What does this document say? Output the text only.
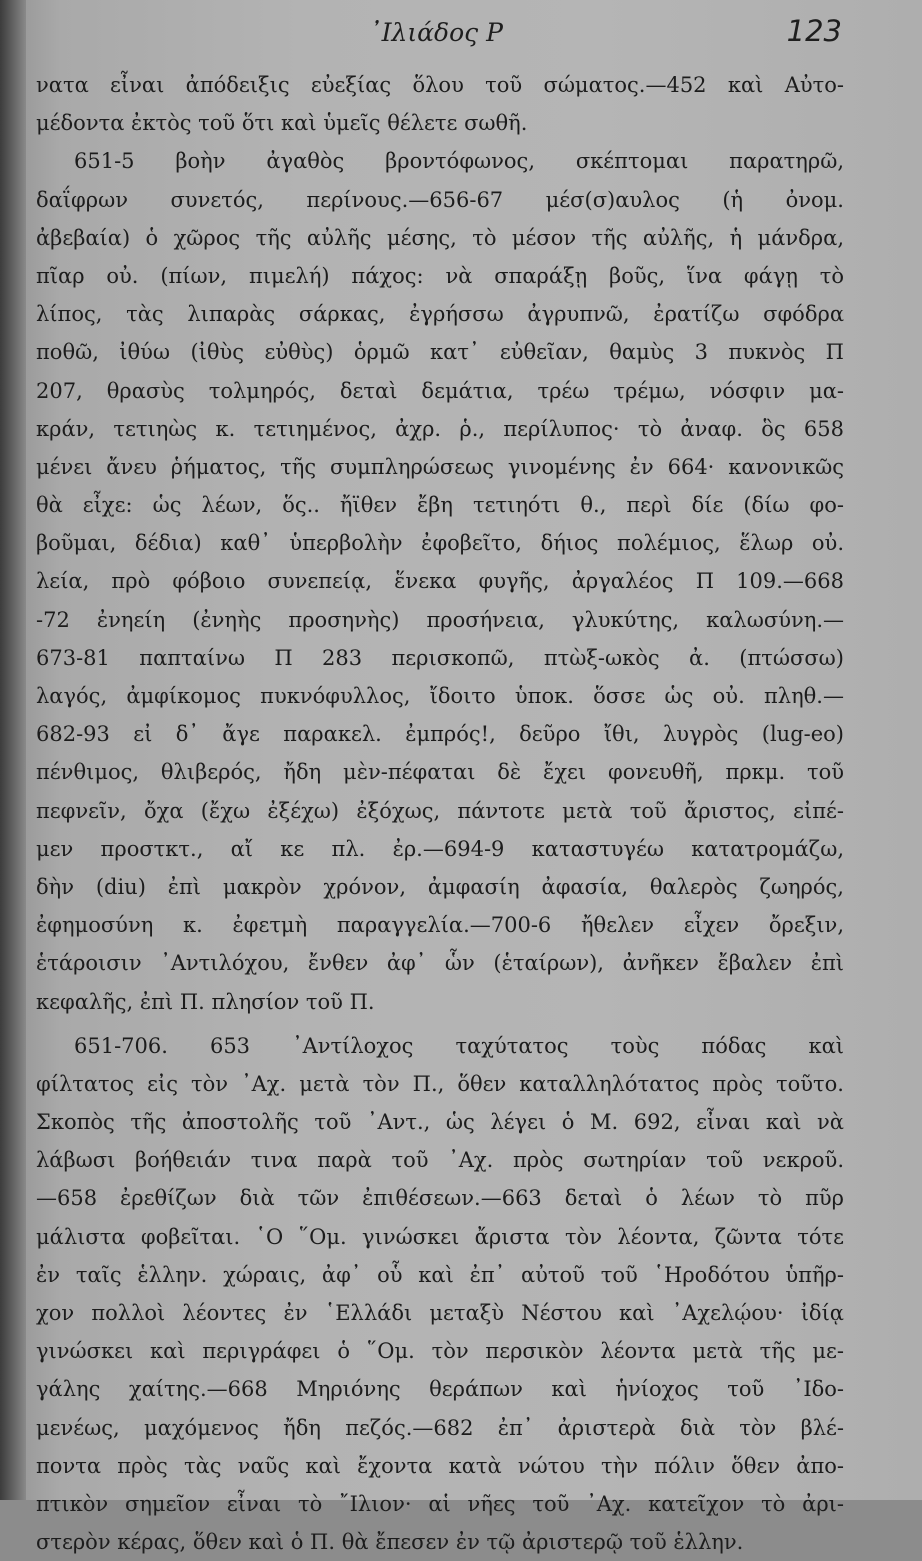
᾿Ιλιάδος Ρ	123
νατα εἶναι ἀπόδειξις εὐεξίας ὅλου τοῦ σώματος.—452 καὶ Αὐτο-
μέδοντα ἐκτὸς τοῦ ὅτι καὶ ὑμεῖς θέλετε σωθῆ.
651-5 βοὴν ἀγαθὸς βροντόφωνος, σκέπτομαι παρατηρῶ,
δαΐφρων συνετός, περίνους.—656-67 μέσ(σ)αυλος (ἡ ὀνομ.
ἀβεβαία) ὁ χῶρος τῆς αὐλῆς μέσης, τὸ μέσον τῆς αὐλῆς, ἡ μάνδρα,
πῖαρ οὐ. (πίων, πιμελή) πάχος: νὰ σπαράξῃ βοῦς, ἵνα φάγῃ τὸ
λίπος, τὰς λιπαρὰς σάρκας, ἐγρήσσω ἀγρυπνῶ, ἐρατίζω σφόδρα
ποθῶ, ἰθύω (ἰθὺς εὐθὺς) ὁρμῶ κατ᾿ εὐθεῖαν, θαμὺς 3 πυκνὸς Π
207, θρασὺς τολμηρός, δεταὶ δεμάτια, τρέω τρέμω, νόσφιν μα-
κράν, τετιηὼς κ. τετιημένος, ἀχρ. ῥ., περίλυπος· τὸ ἀναφ. ὃς 658
μένει ἄνευ ῥήματος, τῆς συμπληρώσεως γινομένης ἐν 664· κανονικῶς
θὰ εἶχε: ὡς λέων, ὅς.. ἤϊθεν ἔβη τετιηότι θ., περὶ δίε (δίω φο-
βοῦμαι, δέδια) καθ᾿ ὑπερβολὴν ἐφοβεῖτο, δήιος πολέμιος, ἕλωρ οὐ.
λεία, πρὸ φόβοιο συνεπείᾳ, ἕνεκα φυγῆς, ἀργαλέος Π 109.—668
-72 ἐνηείη (ἐνηὴς προσηνὴς) προσήνεια, γλυκύτης, καλωσύνη.—
673-81 παπταίνω Π 283 περισκοπῶ, πτὼξ-ωκὸς ἀ. (πτώσσω)
λαγός, ἀμφίκομος πυκνόφυλλος, ἴδοιτο ὑποκ. ὅσσε ὡς οὐ. πληθ.—
682-93 εἰ δ᾿ ἄγε παρακελ. ἐμπρός!, δεῦρο ἴθι, λυγρὸς (lug-eo)
πένθιμος, θλιβερός, ἤδη μὲν-πέφαται δὲ ἔχει φονευθῆ, πρκμ. τοῦ
πεφνεῖν, ὄχα (ἔχω ἐξέχω) ἐξόχως, πάντοτε μετὰ τοῦ ἄριστος, εἰπέ-
μεν προστκτ., αἴ κε πλ. ἐρ.—694-9 καταστυγέω κατατρομάζω,
δὴν (diu) ἐπὶ μακρὸν χρόνον, ἀμφασίη ἀφασία, θαλερὸς ζωηρός,
ἐφημοσύνη κ. ἐφετμὴ παραγγελία.—700-6 ἤθελεν εἶχεν ὄρεξιν,
ἑτάροισιν ᾿Αντιλόχου, ἔνθεν ἀφ᾿ ὧν (ἑταίρων), ἀνῆκεν ἔβαλεν ἐπὶ
κεφαλῆς, ἐπὶ Π. πλησίον τοῦ Π.
651-706. 653 ᾿Αντίλοχος ταχύτατος τοὺς πόδας καὶ
φίλτατος εἰς τὸν ᾿Αχ. μετὰ τὸν Π., ὅθεν καταλληλότατος πρὸς τοῦτο.
Σκοπὸς τῆς ἀποστολῆς τοῦ ᾿Αντ., ὡς λέγει ὁ Μ. 692, εἶναι καὶ νὰ
λάβωσι βοήθειάν τινα παρὰ τοῦ ᾿Αχ. πρὸς σωτηρίαν τοῦ νεκροῦ.
—658 ἐρεθίζων διὰ τῶν ἐπιθέσεων.—663 δεταὶ ὁ λέων τὸ πῦρ
μάλιστα φοβεῖται. ῾Ο ῞Ομ. γινώσκει ἄριστα τὸν λέοντα, ζῶντα τότε
ἐν ταῖς ἑλλην. χώραις, ἀφ᾿ οὗ καὶ ἐπ᾿ αὐτοῦ τοῦ ῾Ηροδότου ὑπῆρ-
χον πολλοὶ λέοντες ἐν ῾Ελλάδι μεταξὺ Νέστου καὶ ᾿Αχελῴου· ἰδίᾳ
γινώσκει καὶ περιγράφει ὁ ῞Ομ. τὸν περσικὸν λέοντα μετὰ τῆς με-
γάλης χαίτης.—668 Μηριόνης θεράπων καὶ ἡνίοχος τοῦ ᾿Ιδο-
μενέως, μαχόμενος ἤδη πεζός.—682 ἐπ᾿ ἀριστερὰ διὰ τὸν βλέ-
ποντα πρὸς τὰς ναῦς καὶ ἔχοντα κατὰ νώτου τὴν πόλιν ὅθεν ἀπο-
πτικὸν σημεῖον εἶναι τὸ ῎Ιλιον· αἱ νῆες τοῦ ᾿Αχ. κατεῖχον τὸ ἀρι-
στερὸν κέρας, ὅθεν καὶ ὁ Π. θὰ ἔπεσεν ἐν τῷ ἀριστερῷ τοῦ ἑλλην.
